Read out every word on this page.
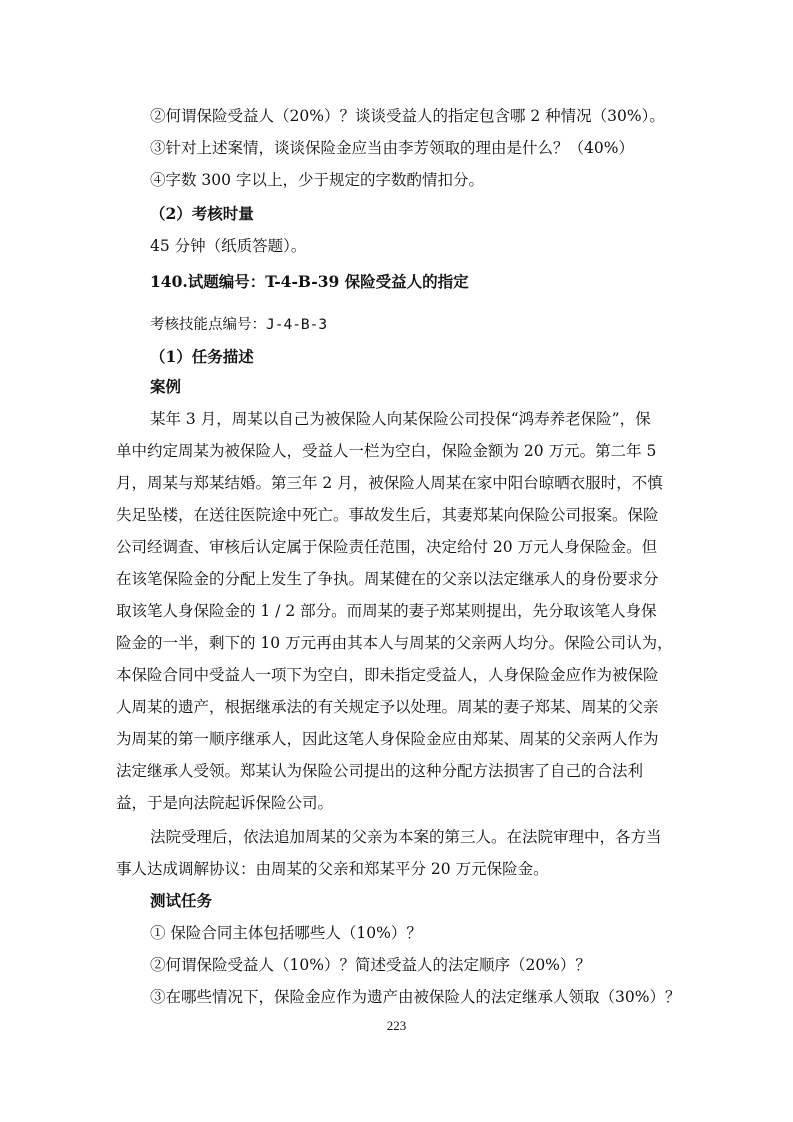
②何谓保险受益人（20%）？谈谈受益人的指定包含哪 2 种情况（30%）。
③针对上述案情，谈谈保险金应当由李芳领取的理由是什么？（40%）
④字数 300 字以上，少于规定的字数酌情扣分。
（2）考核时量
45 分钟（纸质答题）。
140.试题编号：T-4-B-39 保险受益人的指定
考核技能点编号：J-4-B-3
（1）任务描述
案例
某年 3 月，周某以自己为被保险人向某保险公司投保“鸿寿养老保险”，保
单中约定周某为被保险人，受益人一栏为空白，保险金额为 20 万元。第二年 5
月，周某与郑某结婚。第三年 2 月，被保险人周某在家中阳台晾晒衣服时，不慎
失足坠楼，在送往医院途中死亡。事故发生后，其妻郑某向保险公司报案。保险
公司经调查、审核后认定属于保险责任范围，决定给付 20 万元人身保险金。但
在该笔保险金的分配上发生了争执。周某健在的父亲以法定继承人的身份要求分
取该笔人身保险金的 1 / 2 部分。而周某的妻子郑某则提出，先分取该笔人身保
险金的一半，剩下的 10 万元再由其本人与周某的父亲两人均分。保险公司认为，
本保险合同中受益人一项下为空白，即未指定受益人，人身保险金应作为被保险
人周某的遗产，根据继承法的有关规定予以处理。周某的妻子郑某、周某的父亲
为周某的第一顺序继承人，因此这笔人身保险金应由郑某、周某的父亲两人作为
法定继承人受领。郑某认为保险公司提出的这种分配方法损害了自己的合法利
益，于是向法院起诉保险公司。
法院受理后，依法追加周某的父亲为本案的第三人。在法院审理中，各方当
事人达成调解协议：由周某的父亲和郑某平分 20 万元保险金。
测试任务
① 保险合同主体包括哪些人（10%）？
②何谓保险受益人（10%）？简述受益人的法定顺序（20%）？
③在哪些情况下，保险金应作为遗产由被保险人的法定继承人领取（30%）？
223
